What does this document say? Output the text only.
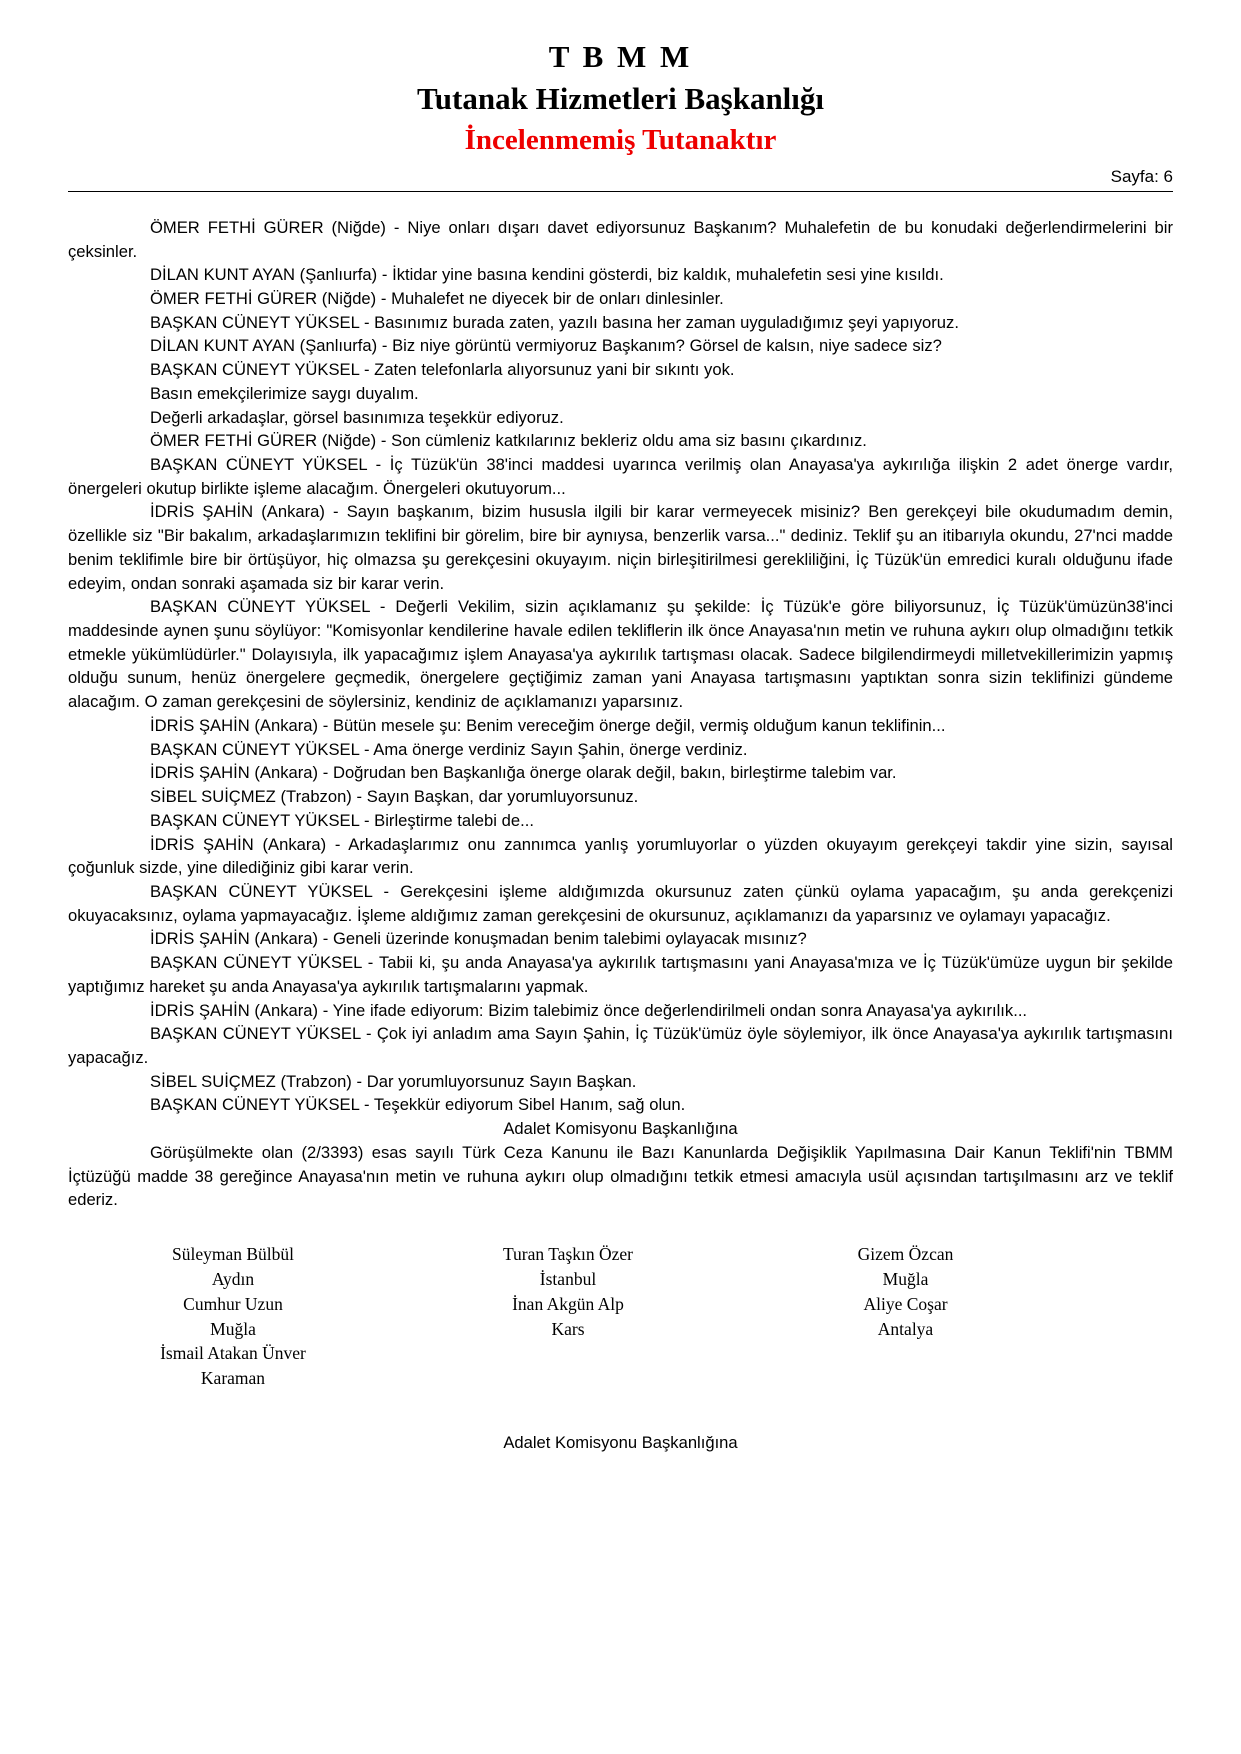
T B M M
Tutanak Hizmetleri Başkanlığı
İncelenmemiş Tutanaktır
Sayfa: 6

ÖMER FETHİ GÜRER (Niğde) - Niye onları dışarı davet ediyorsunuz Başkanım? Muhalefetin de bu konudaki değerlendirmelerini bir çeksinler.

DİLAN KUNT AYAN (Şanlıurfa) - İktidar yine basına kendini gösterdi, biz kaldık, muhalefetin sesi yine kısıldı.

ÖMER FETHİ GÜRER (Niğde) - Muhalefet ne diyecek bir de onları dinlesinler.

BAŞKAN CÜNEYT YÜKSEL - Basınımız burada zaten, yazılı basına her zaman uyguladığımız şeyi yapıyoruz.

DİLAN KUNT AYAN (Şanlıurfa) - Biz niye görüntü vermiyoruz Başkanım? Görsel de kalsın, niye sadece siz?

BAŞKAN CÜNEYT YÜKSEL - Zaten telefonlarla alıyorsunuz yani bir sıkıntı yok.

Basın emekçilerimize saygı duyalım.

Değerli arkadaşlar, görsel basınımıza teşekkür ediyoruz.

ÖMER FETHİ GÜRER (Niğde) - Son cümleniz katkılarınız bekleriz oldu ama siz basını çıkardınız.

BAŞKAN CÜNEYT YÜKSEL - İç Tüzük'ün 38'inci maddesi uyarınca verilmiş olan Anayasa'ya aykırılığa ilişkin 2 adet önerge vardır, önergeleri okutup birlikte işleme alacağım. Önergeleri okutuyorum...

İDRİS ŞAHİN (Ankara) - Sayın başkanım, bizim hususla ilgili bir karar vermeyecek misiniz? Ben gerekçeyi bile okudumadım demin, özellikle siz "Bir bakalım, arkadaşlarımızın teklifini bir görelim, bire bir aynıysa, benzerlik varsa..." dediniz. Teklif şu an itibarıyla okundu, 27'nci madde benim teklifimle bire bir örtüşüyor, hiç olmazsa şu gerekçesini okuyayım. niçin birleşitirilmesi gerekliliğini, İç Tüzük'ün emredici kuralı olduğunu ifade edeyim, ondan sonraki aşamada siz bir karar verin.

BAŞKAN CÜNEYT YÜKSEL - Değerli Vekilim, sizin açıklamanız şu şekilde: İç Tüzük'e göre biliyorsunuz, İç Tüzük'ümüzün38'inci maddesinde aynen şunu söylüyor: "Komisyonlar kendilerine havale edilen tekliflerin ilk önce Anayasa'nın metin ve ruhuna aykırı olup olmadığını tetkik etmekle yükümlüdürler." Dolayısıyla, ilk yapacağımız işlem Anayasa'ya aykırılık tartışması olacak. Sadece bilgilendirmeydi milletvekillerimizin yapmış olduğu sunum, henüz önergelere geçmedik, önergelere geçtiğimiz zaman yani Anayasa tartışmasını yaptıktan sonra sizin teklifinizi gündeme alacağım. O zaman gerekçesini de söylersiniz, kendiniz de açıklamanızı yaparsınız.

İDRİS ŞAHİN (Ankara) - Bütün mesele şu: Benim vereceğim önerge değil, vermiş olduğum kanun teklifinin...

BAŞKAN CÜNEYT YÜKSEL - Ama önerge verdiniz Sayın Şahin, önerge verdiniz.

İDRİS ŞAHİN (Ankara) - Doğrudan ben Başkanlığa önerge olarak değil, bakın, birleştirme talebim var.

SİBEL SUİÇMEZ (Trabzon) - Sayın Başkan, dar yorumluyorsunuz.

BAŞKAN CÜNEYT YÜKSEL - Birleştirme talebi de...

İDRİS ŞAHİN (Ankara) - Arkadaşlarımız onu zannımca yanlış yorumluyorlar o yüzden okuyayım gerekçeyi takdir yine sizin, sayısal çoğunluk sizde, yine dilediğiniz gibi karar verin.

BAŞKAN CÜNEYT YÜKSEL - Gerekçesini işleme aldığımızda okursunuz zaten çünkü oylama yapacağım, şu anda gerekçenizi okuyacaksınız, oylama yapmayacağız. İşleme aldığımız zaman gerekçesini de okursunuz, açıklamanızı da yaparsınız ve oylamayı yapacağız.

İDRİS ŞAHİN (Ankara) - Geneli üzerinde konuşmadan benim talebimi oylayacak mısınız?

BAŞKAN CÜNEYT YÜKSEL - Tabii ki, şu anda Anayasa'ya aykırılık tartışmasını yani Anayasa'mıza ve İç Tüzük'ümüze uygun bir şekilde yaptığımız hareket şu anda Anayasa'ya aykırılık tartışmalarını yapmak.

İDRİS ŞAHİN (Ankara) - Yine ifade ediyorum: Bizim talebimiz önce değerlendirilmeli ondan sonra Anayasa'ya aykırılık...

BAŞKAN CÜNEYT YÜKSEL - Çok iyi anladım ama Sayın Şahin, İç Tüzük'ümüz öyle söylemiyor, ilk önce Anayasa'ya aykırılık tartışmasını yapacağız.

SİBEL SUİÇMEZ (Trabzon) - Dar yorumluyorsunuz Sayın Başkan.

BAŞKAN CÜNEYT YÜKSEL - Teşekkür ediyorum Sibel Hanım, sağ olun.

Adalet Komisyonu Başkanlığına

Görüşülmekte olan (2/3393) esas sayılı Türk Ceza Kanunu ile Bazı Kanunlarda Değişiklik Yapılmasına Dair Kanun Teklifi'nin TBMM İçtüzüğü madde 38 gereğince Anayasa'nın metin ve ruhuna aykırı olup olmadığını tetkik etmesi amacıyla usül açısından tartışılmasını arz ve teklif ederiz.

Süleyman Bülbül
Aydın
Cumhur Uzun
Muğla
İsmail Atakan Ünver
Karaman
Turan Taşkın Özer
İstanbul
İnan Akgün Alp
Kars
Gizem Özcan
Muğla
Aliye Coşar
Antalya
Adalet Komisyonu Başkanlığına
